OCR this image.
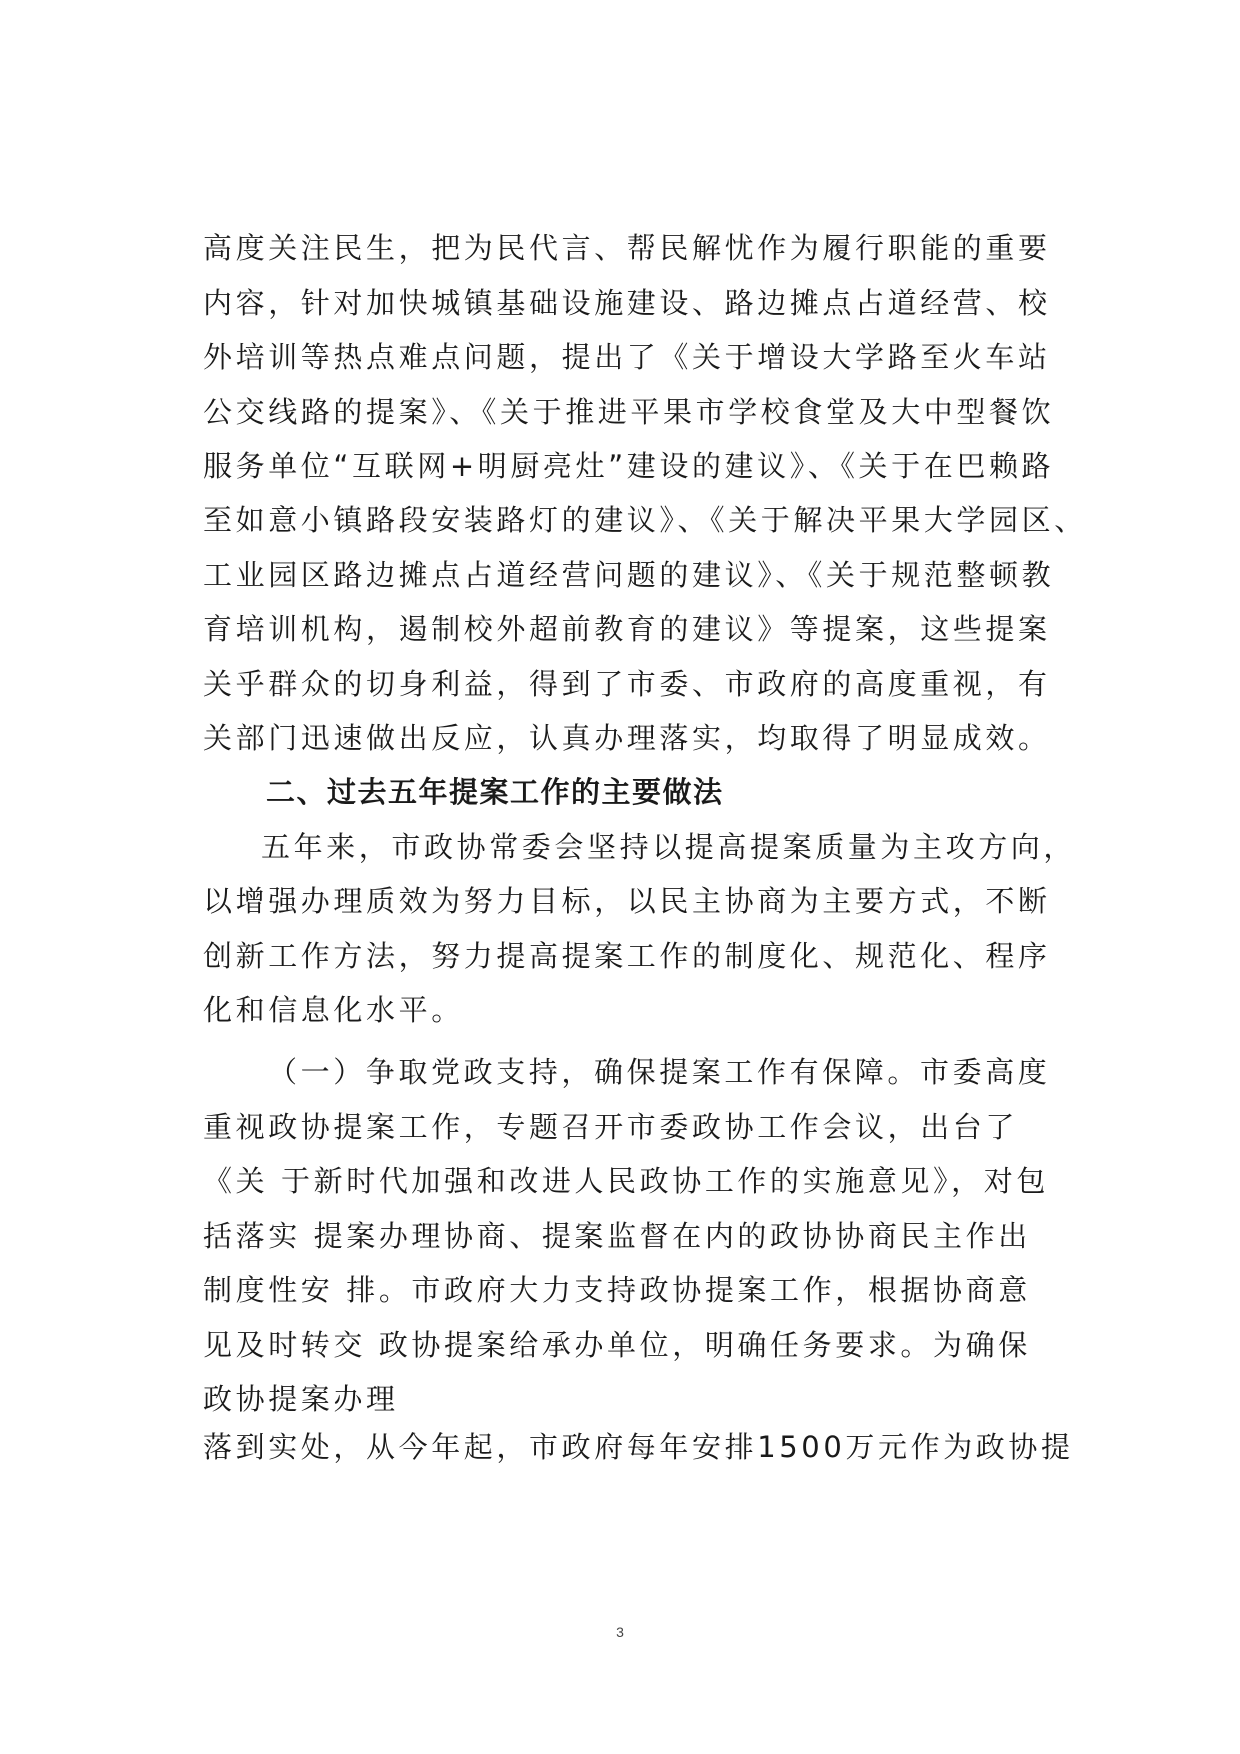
高度关注民生，把为民代言、帮民解忧作为履行职能的重要
内容，针对加快城镇基础设施建设、路边摊点占道经营、校
外培训等热点难点问题，提出了《关于增设大学路至火车站
公交线路的提案》、《关于推进平果市学校食堂及大中型餐饮
服务单位“互联网+明厨亮灶”建设的建议》、《关于在巴赖路
至如意小镇路段安装路灯的建议》、《关于解决平果大学园区、
工业园区路边摊点占道经营问题的建议》、《关于规范整顿教
育培训机构，遏制校外超前教育的建议》等提案，这些提案
关乎群众的切身利益，得到了市委、市政府的高度重视，有
关部门迅速做出反应，认真办理落实，均取得了明显成效。
二、过去五年提案工作的主要做法
五年来，市政协常委会坚持以提高提案质量为主攻方向，
以增强办理质效为努力目标，以民主协商为主要方式，不断
创新工作方法，努力提高提案工作的制度化、规范化、程序
化和信息化水平。
（一）争取党政支持，确保提案工作有保障。市委高度
重视政协提案工作，专题召开市委政协工作会议，出台了
《关 于新时代加强和改进人民政协工作的实施意见》，对包
括落实 提案办理协商、提案监督在内的政协协商民主作出
制度性安 排。市政府大力支持政协提案工作，根据协商意
见及时转交 政协提案给承办单位，明确任务要求。为确保
政协提案办理
落到实处，从今年起，市政府每年安排1500万元作为政协提
3
